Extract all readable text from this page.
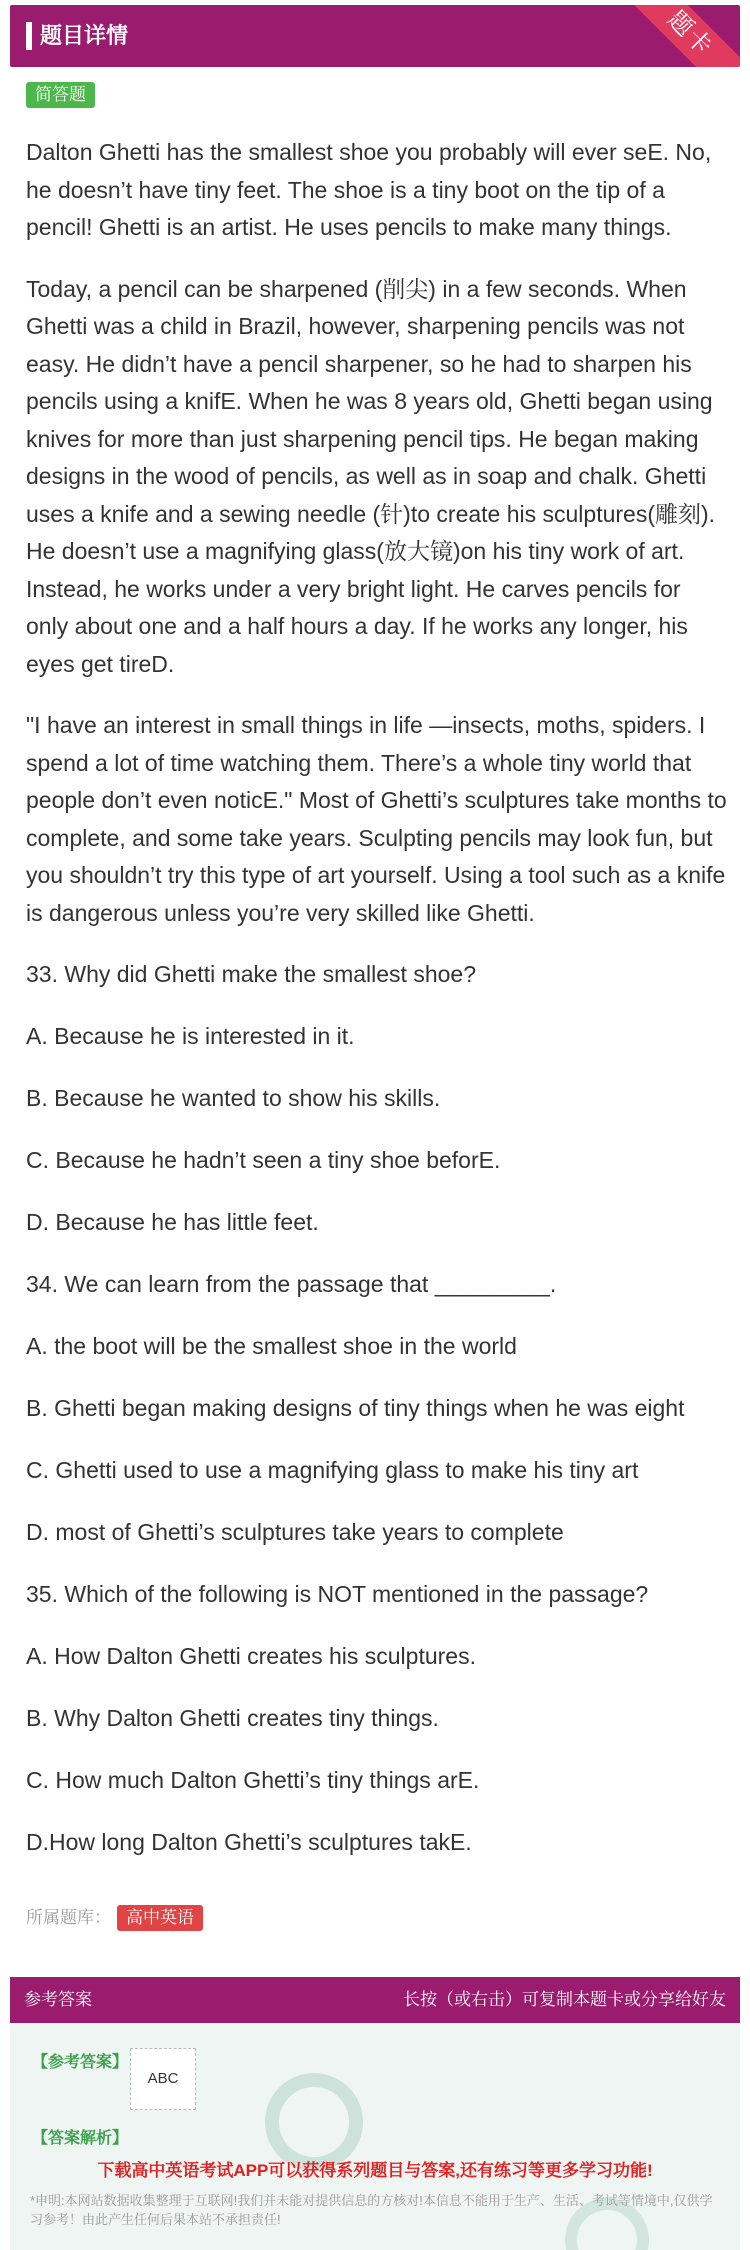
题目详情	题卡
简答题

Dalton Ghetti has the smallest shoe you probably will ever seE. No, he doesn’t have tiny feet. The shoe is a tiny boot on the tip of a pencil! Ghetti is an artist. He uses pencils to make many things.

Today, a pencil can be sharpened (削尖) in a few seconds. When Ghetti was a child in Brazil, however, sharpening pencils was not easy. He didn’t have a pencil sharpener, so he had to sharpen his pencils using a knifE. When he was 8 years old, Ghetti began using knives for more than just sharpening pencil tips. He began making designs in the wood of pencils, as well as in soap and chalk. Ghetti uses a knife and a sewing needle (针)to create his sculptures(雕刻). He doesn’t use a magnifying glass(放大镜)on his tiny work of art. Instead, he works under a very bright light. He carves pencils for only about one and a half hours a day. If he works any longer, his eyes get tireD.

"I have an interest in small things in life —insects, moths, spiders. I spend a lot of time watching them. There’s a whole tiny world that people don’t even noticE." Most of Ghetti’s sculptures take months to complete, and some take years. Sculpting pencils may look fun, but you shouldn’t try this type of art yourself. Using a tool such as a knife is dangerous unless you’re very skilled like Ghetti.

33. Why did Ghetti make the smallest shoe?
A. Because he is interested in it.
B. Because he wanted to show his skills.
C. Because he hadn’t seen a tiny shoe beforE.
D. Because he has little feet.
34. We can learn from the passage that _________.
A. the boot will be the smallest shoe in the world
B. Ghetti began making designs of tiny things when he was eight
C. Ghetti used to use a magnifying glass to make his tiny art
D. most of Ghetti’s sculptures take years to complete
35. Which of the following is NOT mentioned in the passage?
A. How Dalton Ghetti creates his sculptures.
B. Why Dalton Ghetti creates tiny things.
C. How much Dalton Ghetti’s tiny things arE.
D.How long Dalton Ghetti’s sculptures takE.
所属题库： 高中英语
参考答案	长按（或右击）可复制本题卡或分享给好友
【参考答案】
ABC
【答案解析】
下载高中英语考试APP可以获得系列题目与答案,还有练习等更多学习功能!
*申明:本网站数据收集整理于互联网!我们并未能对提供信息的方核对!本信息不能用于生产、生活、考试等情境中,仅供学习参考！由此产生任何后果本站不承担责任!
